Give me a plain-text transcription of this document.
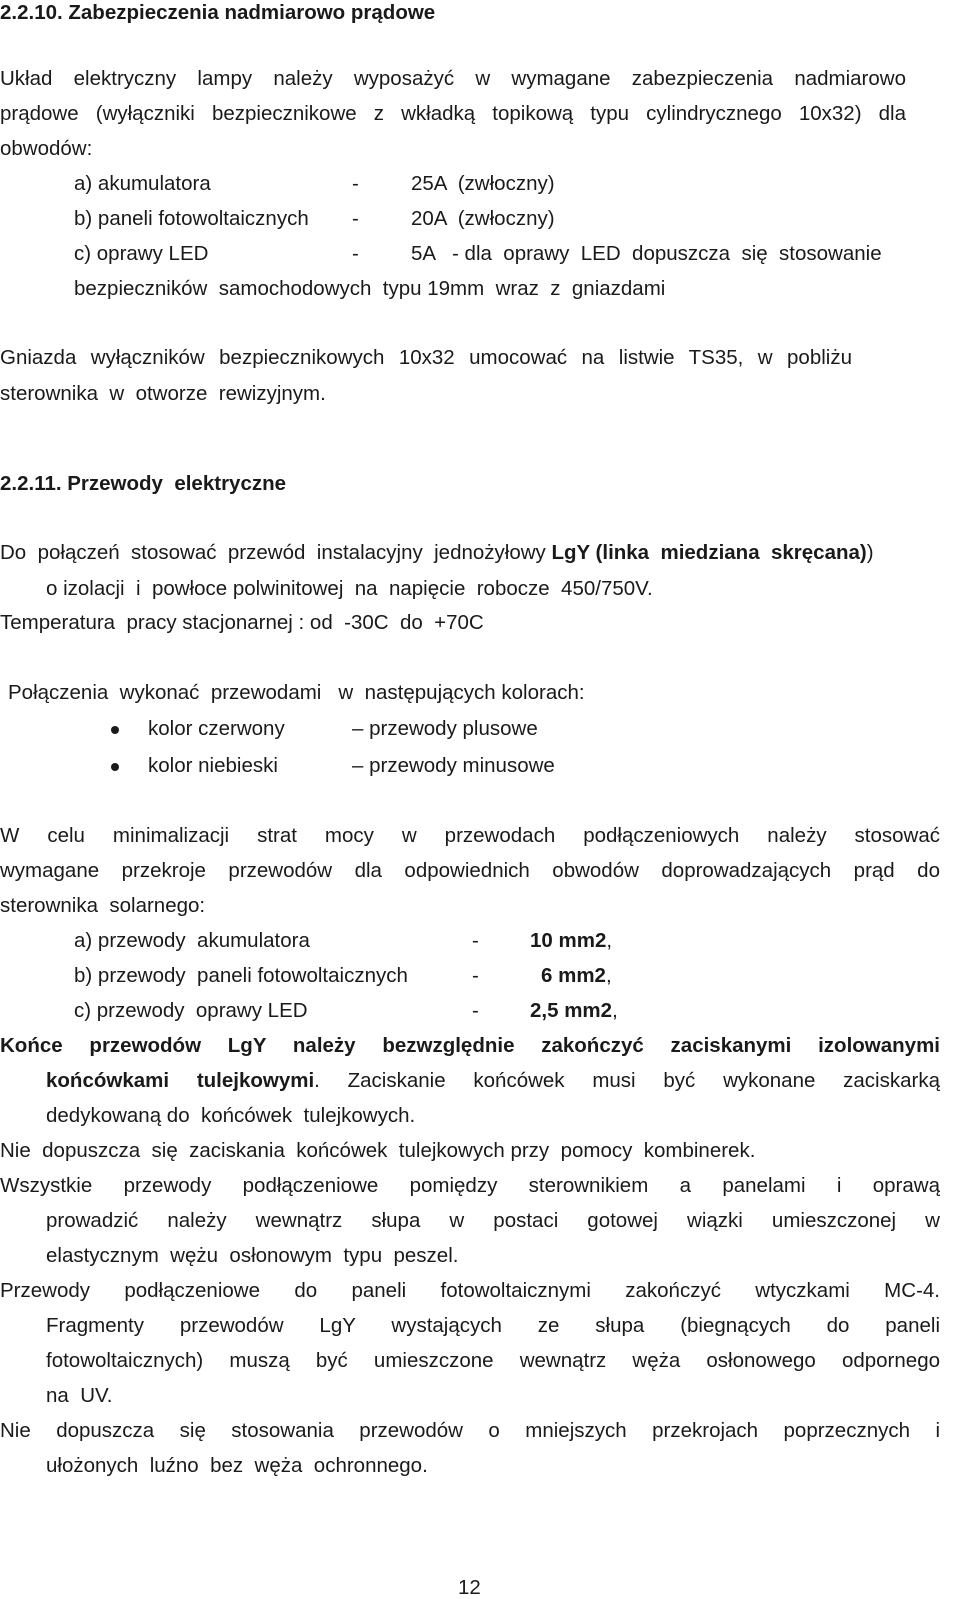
2.2.10. Zabezpieczenia nadmiarowo prądowe
Układ elektryczny lampy należy wyposażyć w wymagane zabezpieczenia nadmiarowo
prądowe (wyłączniki bezpiecznikowe z wkładką topikową typu cylindrycznego 10x32) dla
obwodów:
a) akumulatora	-	25A  (zwłoczny)
b) paneli fotowoltaicznych -	20A  (zwłoczny)
c) oprawy LED	-	5A   - dla  oprawy  LED  dopuszcza  się  stosowanie
bezpieczników  samochodowych  typu 19mm  wraz  z  gniazdami
Gniazda wyłączników bezpiecznikowych 10x32 umocować na listwie TS35, w pobliżu
sterownika  w  otworze  rewizyjnym.
2.2.11. Przewody  elektryczne
Do  połączeń  stosować  przewód  instalacyjny  jednożyłowy LgY (linka  miedziana  skręcana))
o izolacji  i  powłoce polwinitowej  na  napięcie  robocze  450/750V.
Temperatura  pracy stacjonarnej : od  -30C  do  +70C
Połączenia  wykonać  przewodami   w  następujących kolorach:
kolor czerwony	– przewody plusowe
kolor niebieski	– przewody minusowe
W celu minimalizacji strat mocy w przewodach podłączeniowych należy stosować
wymagane przekroje przewodów dla odpowiednich obwodów doprowadzających prąd do
sterownika  solarnego:
a) przewody  akumulatora	- 10 mm2,
b) przewody  paneli fotowoltaicznych	-	6 mm2,
c) przewody  oprawy LED	- 2,5 mm2,
Końce przewodów LgY należy bezwzględnie zakończyć zaciskanymi izolowanymi
końcówkami tulejkowymi. Zaciskanie końcówek musi być wykonane zaciskarką
dedykowaną do  końcówek  tulejkowych.
Nie  dopuszcza  się  zaciskania  końcówek  tulejkowych przy  pomocy  kombinerek.
Wszystkie przewody podłączeniowe pomiędzy sterownikiem a panelami i oprawą
prowadzić należy wewnątrz słupa w postaci gotowej wiązki umieszczonej w
elastycznym  wężu  osłonowym  typu  peszel.
Przewody podłączeniowe do paneli fotowoltaicznymi zakończyć wtyczkami MC-4.
Fragmenty przewodów LgY wystających ze słupa (biegnących do paneli
fotowoltaicznych) muszą być umieszczone wewnątrz węża osłonowego odpornego
na  UV.
Nie dopuszcza się stosowania przewodów o mniejszych przekrojach poprzecznych i
ułożonych  luźno  bez  węża  ochronnego.
12
